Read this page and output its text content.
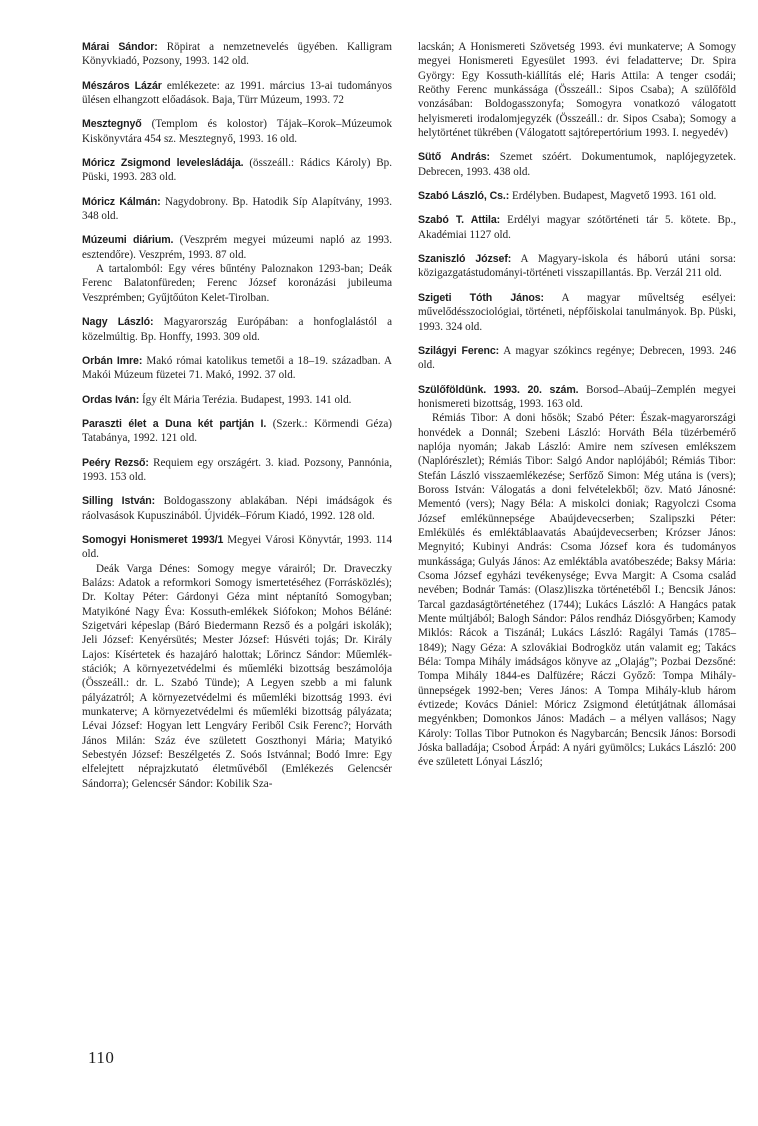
Márai Sándor: Röpirat a nemzetnevelés ügyében. Kalligram Könyvkiadó, Pozsony, 1993. 142 old.

Mészáros Lázár emlékezete: az 1991. március 13-ai tudományos ülésen elhangzott előadások. Baja, Türr Múzeum, 1993. 72

Mesztegnyő (Templom és kolostor) Tájak–Korok–Múzeumok Kiskönyvtára 454 sz. Mesztegnyő, 1993. 16 old.

Móricz Zsigmond levelesládája. (összeáll.: Rádics Károly) Bp. Püski, 1993. 283 old.

Móricz Kálmán: Nagydobrony. Bp. Hatodik Síp Alapítvány, 1993. 348 old.

Múzeumi diárium. (Veszprém megyei múzeumi napló az 1993. esztendőre). Veszprém, 1993. 87 old.

A tartalomból: Egy véres bűntény Paloznakon 1293-ban; Deák Ferenc Balatonfüreden; Ferenc József koronázási jubileuma Veszprémben; Gyűjtőúton Kelet-Tirolban.

Nagy László: Magyarország Európában: a honfoglalástól a közelmúltig. Bp. Honffy, 1993. 309 old.

Orbán Imre: Makó római katolikus temetői a 18–19. században. A Makói Múzeum füzetei 71. Makó, 1992. 37 old.

Ordas Iván: Így élt Mária Terézia. Budapest, 1993. 141 old.

Paraszti élet a Duna két partján I. (Szerk.: Körmendi Géza) Tatabánya, 1992. 121 old.

Peéry Rezső: Requiem egy országért. 3. kiad. Pozsony, Pannónia, 1993. 153 old.

Silling István: Boldogasszony ablakában. Népi imádságok és ráolvasások Kupuszinából. Újvidék–Fórum Kiadó, 1992. 128 old.

Somogyi Honismeret 1993/1 Megyei Városi Könyvtár, 1993. 114 old.

Deák Varga Dénes: Somogy megye várairól; Dr. Draveczky Balázs: Adatok a reformkori Somogy ismertetéséhez (Forrásközlés); Dr. Koltay Péter: Gárdonyi Géza mint néptanító Somogyban; Matyikóné Nagy Éva: Kossuth-emlékek Siófokon; Mohos Béláné: Szigetvári képeslap (Báró Biedermann Rezső és a polgári iskolák); Jeli József: Kenyérsütés; Mester József: Húsvéti tojás; Dr. Király Lajos: Kísértetek és hazajáró halottak; Lőrincz Sándor: Műemlék-stációk; A környezetvédelmi és műemléki bizottság beszámolója (Összeáll.: dr. L. Szabó Tünde); A Legyen szebb a mi falunk pályázatról; A környezetvédelmi és műemléki bizottság 1993. évi munkaterve; A környezetvédelmi és műemléki bizottság pályázata; Lévai József: Hogyan lett Lengváry Feriből Csik Ferenc?; Horváth János Milán: Száz éve született Goszthonyi Mária; Matyikó Sebestyén József: Beszélgetés Z. Soós Istvánnal; Bodó Imre: Egy elfelejtett néprajzkutató életművéből (Emlékezés Gelencsér Sándorra); Gelencsér Sándor: Kobilik Sza-

lacskán; A Honismereti Szövetség 1993. évi munkaterve; A Somogy megyei Honismereti Egyesület 1993. évi feladatterve; Dr. Spira György: Egy Kossuth-kiállítás elé; Haris Attila: A tenger csodái; Reöthy Ferenc munkássága (Összeáll.: Sipos Csaba); A szülőföld vonzásában: Boldogasszonyfa; Somogyra vonatkozó válogatott helyismereti irodalomjegyzék (Összeáll.: dr. Sipos Csaba); Somogy a helytörténet tükrében (Válogatott sajtórepertórium 1993. I. negyedév)

Sütő András: Szemet szóért. Dokumentumok, naplójegyzetek. Debrecen, 1993. 438 old.

Szabó László, Cs.: Erdélyben. Budapest, Magvető 1993. 161 old.

Szabó T. Attila: Erdélyi magyar szótörténeti tár 5. kötete. Bp., Akadémiai 1127 old.

Szaniszló József: A Magyary-iskola és háború utáni sorsa: közigazgatástudományi-történeti visszapillantás. Bp. Verzál 211 old.

Szigeti Tóth János: A magyar műveltség esélyei: művelődésszociológiai, történeti, népfőiskolai tanulmányok. Bp. Püski, 1993. 324 old.

Szilágyi Ferenc: A magyar szókincs regénye; Debrecen, 1993. 246 old.

Szülőföldünk. 1993. 20. szám. Borsod–Abaúj–Zemplén megyei honismereti bizottság, 1993. 163 old.

Rémiás Tibor: A doni hősök; Szabó Péter: Észak-magyarországi honvédek a Donnál; Szebeni László: Horváth Béla tüzérbemérő naplója nyomán; Jakab László: Amire nem szívesen emlékszem (Naplórészlet); Rémiás Tibor: Salgó Andor naplójából; Rémiás Tibor: Stefán László visszaemlékezése; Serfőző Simon: Még utána is (vers); Boross István: Válogatás a doni felvételekből; özv. Mató Jánosné: Mementó (vers); Nagy Béla: A miskolci doniak; Ragyolczi Csoma József emlékünnepsége Abaújdevecserben; Szalipszki Péter: Emlékülés és emléktáblaavatás Abaújdevecserben; Krózser János: Megnyitó; Kubinyi András: Csoma József kora és tudományos munkássága; Gulyás János: Az emléktábla avatóbeszéde; Baksy Mária: Csoma József egyházi tevékenysége; Evva Margit: A Csoma család nevében; Bodnár Tamás: (Olasz)liszka történetéből I.; Bencsik János: Tarcal gazdaságtörténetéhez (1744); Lukács László: A Hangács patak Mente múltjából; Balogh Sándor: Pálos rendház Diósgyőrben; Kamody Miklós: Rácok a Tiszánál; Lukács László: Ragályi Tamás (1785–1849); Nagy Géza: A szlovákiai Bodrogköz után valamit eg; Takács Béla: Tompa Mihály imádságos könyve az „Olajág”; Pozbai Dezsőné: Tompa Mihály 1844-es Dalfüzére; Ráczi Győző: Tompa Mihály-ünnepségek 1992-ben; Veres János: A Tompa Mihály-klub három évtizede; Kovács Dániel: Móricz Zsigmond életútjátnak állomásai megyénkben; Domonkos János: Madách – a mélyen vallásos; Nagy Károly: Tollas Tibor Putnokon és Nagybarcán; Bencsik János: Borsodi Jóska balladája; Csobod Árpád: A nyári gyümölcs; Lukács László: 200 éve született Lónyai László;

110
